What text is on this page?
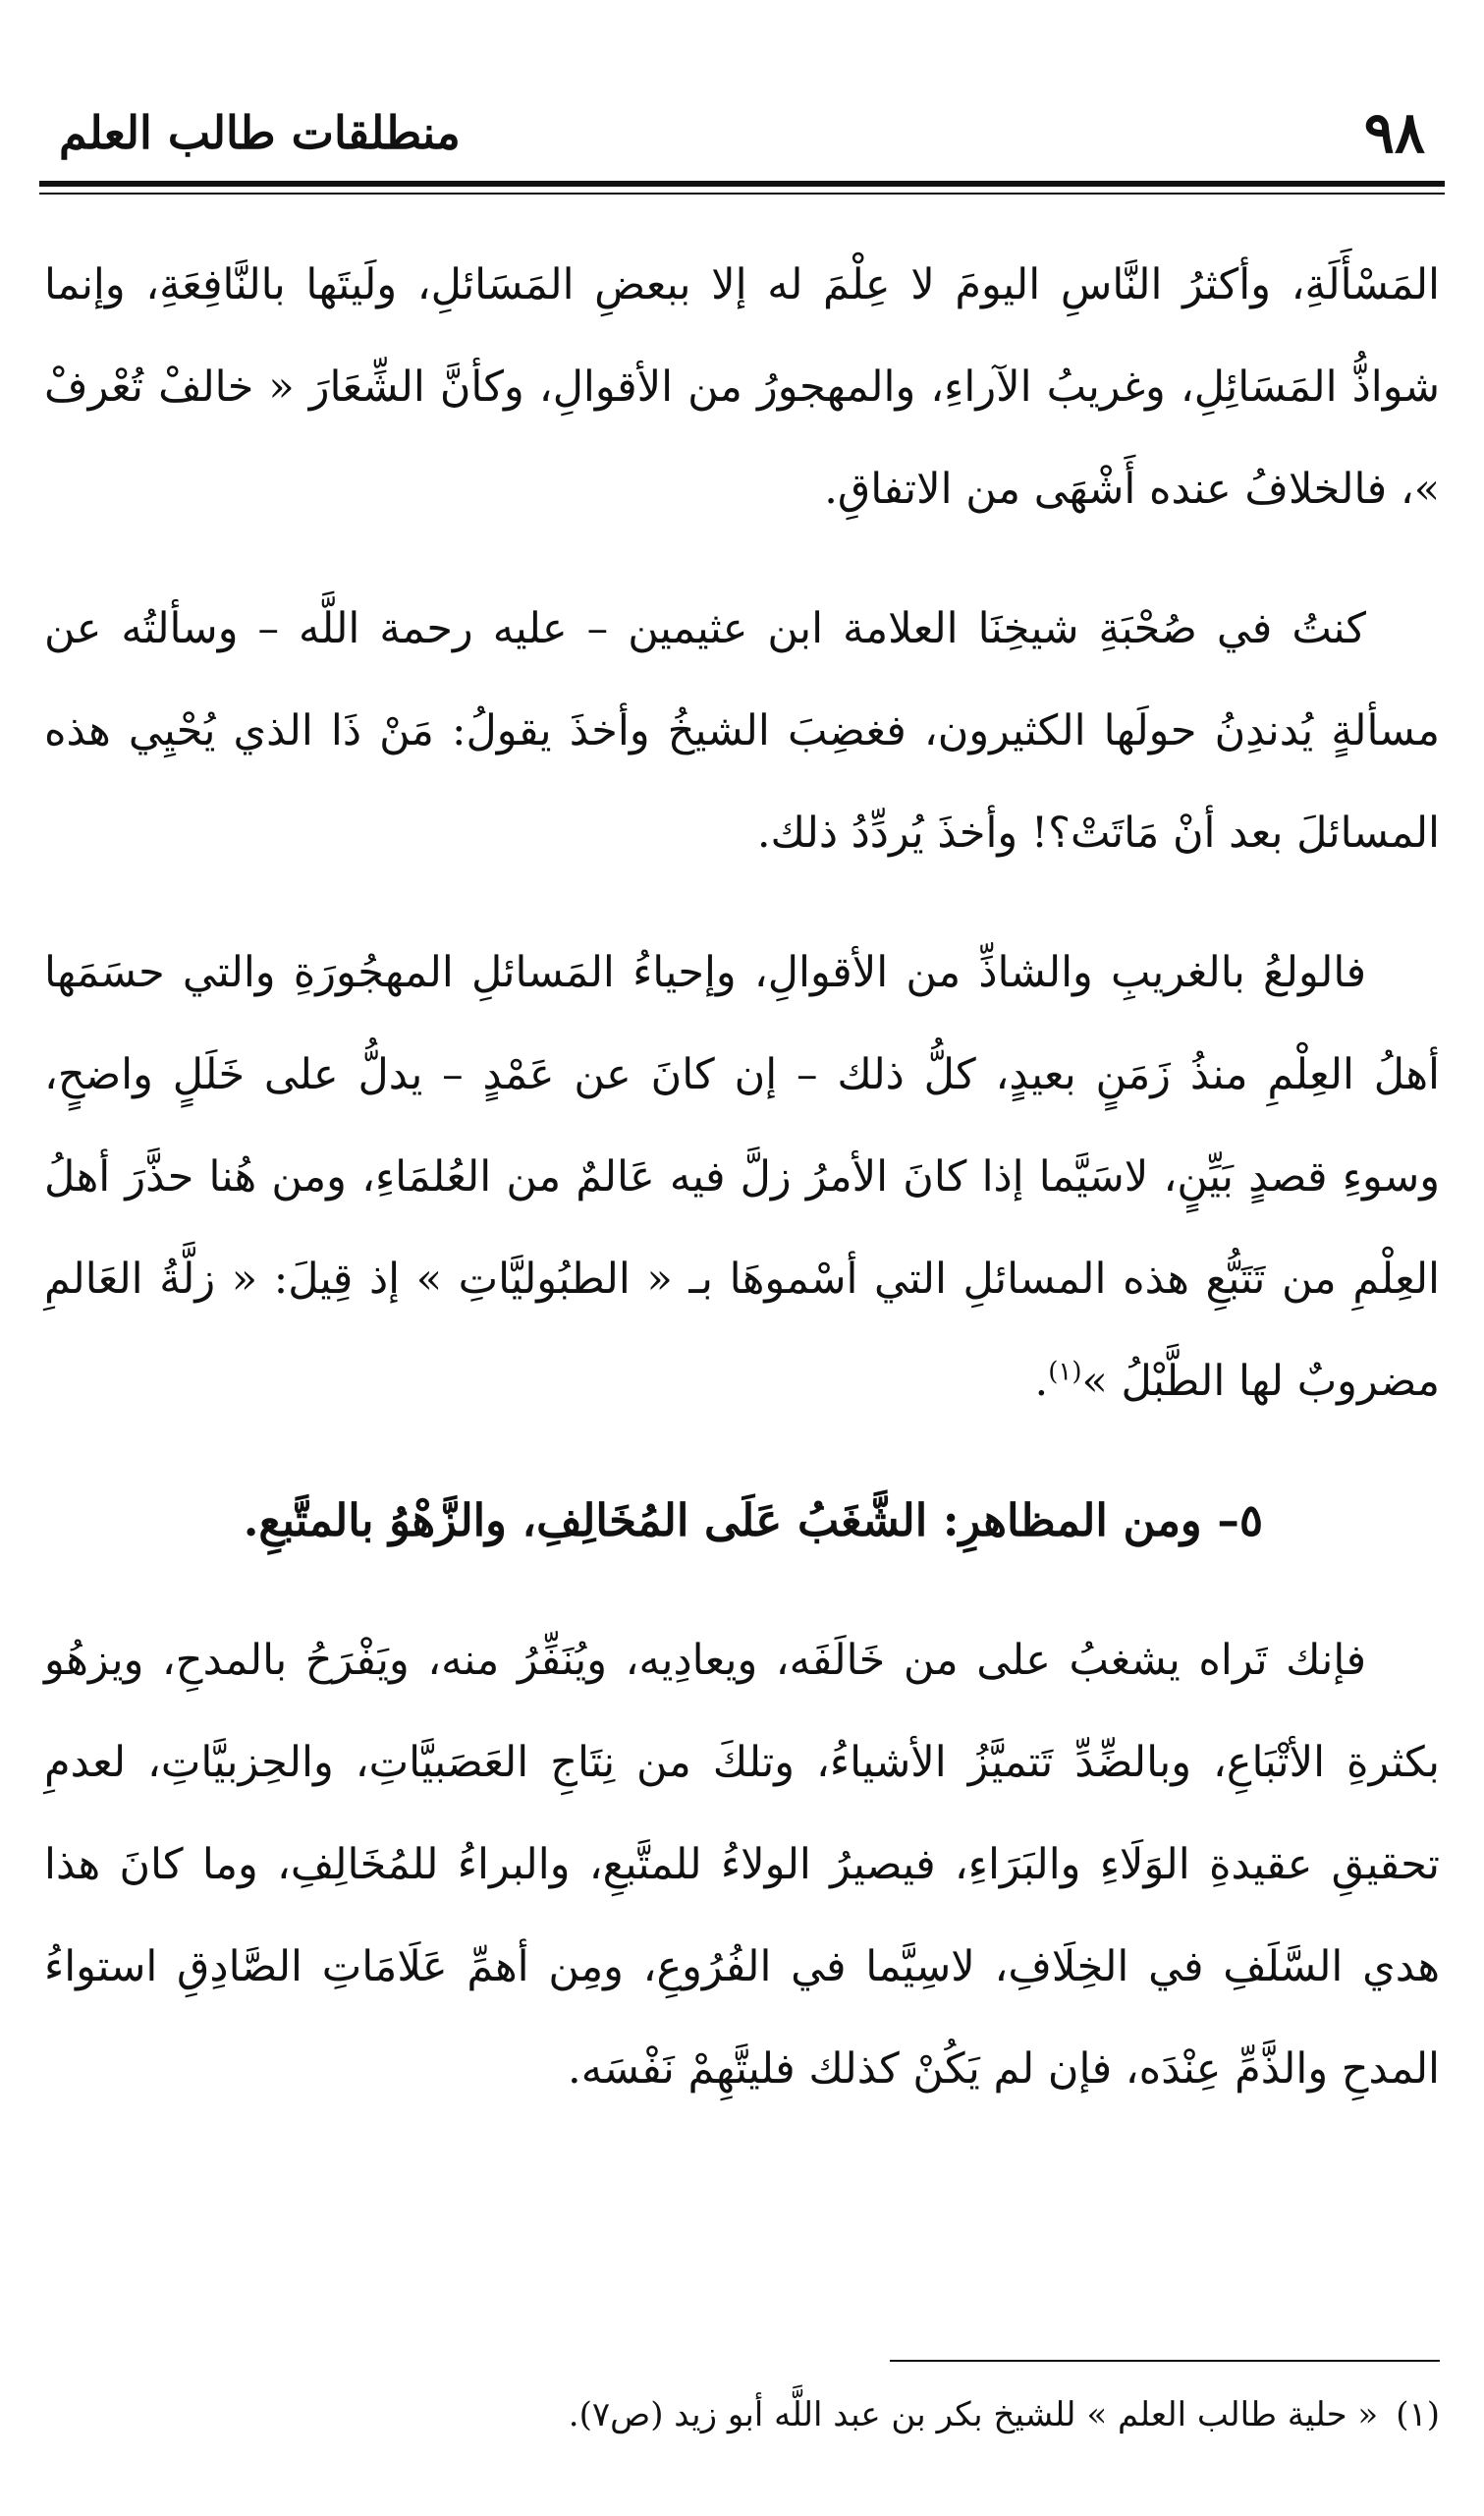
٩٨
منطلقات طالب العلم

المَسْأَلَةِ، وأكثرُ النَّاسِ اليومَ لا عِلْمَ له إلا ببعضِ المَسَائلِ، ولَيتَها بالنَّافِعَةِ، وإنما شواذُّ المَسَائِلِ، وغريبُ الآراءِ، والمهجورُ من الأقوالِ، وكأنَّ الشِّعَارَ « خالفْ تُعْرفْ »، فالخلافُ عنده أَشْهَى من الاتفاقِ.

كنتُ في صُحْبَةِ شيخِنَا العلامة ابن عثيمين – عليه رحمة اللَّه – وسألتُه عن مسألةٍ يُدندِنُ حولَها الكثيرون، فغضِبَ الشيخُ وأخذَ يقولُ: مَنْ ذَا الذي يُحْيِي هذه المسائلَ بعد أنْ مَاتَتْ؟! وأخذَ يُردِّدُ ذلك.

فالولعُ بالغريبِ والشاذِّ من الأقوالِ، وإحياءُ المَسائلِ المهجُورَةِ والتي حسَمَها أهلُ العِلْمِ منذُ زَمَنٍ بعيدٍ، كلُّ ذلك – إن كانَ عن عَمْدٍ – يدلُّ على خَلَلٍ واضحٍ، وسوءِ قصدٍ بَيِّنٍ، لاسَيَّما إذا كانَ الأمرُ زلَّ فيه عَالمٌ من العُلمَاءِ، ومن هُنا حذَّرَ أهلُ العِلْمِ من تَتَبُّعِ هذه المسائلِ التي أسْموهَا بـ « الطبُوليَّاتِ » إذ قِيلَ: « زلَّةُ العَالمِ مضروبٌ لها الطَّبْلُ »$^{(١)}$.

٥– ومن المظاهرِ: الشَّغَبُ عَلَى المُخَالِفِ، والزَّهْوُ بالمتَّبعِ.

فإنك تَراه يشغبُ على من خَالَفَه، ويعادِيه، ويُنَفِّرُ منه، ويَفْرَحُ بالمدحِ، ويزهُو بكثرةِ الأتْبَاعِ، وبالضِّدِّ تَتميَّزُ الأشياءُ، وتلكَ من نِتَاجِ العَصَبيَّاتِ، والحِزبيَّاتِ، لعدمِ تحقيقِ عقيدةِ الوَلَاءِ والبَرَاءِ، فيصيرُ الولاءُ للمتَّبعِ، والبراءُ للمُخَالِفِ، وما كانَ هذا هدي السَّلَفِ في الخِلَافِ، لاسِيَّما في الفُرُوعِ، ومِن أهمِّ عَلَامَاتِ الصَّادِقِ استواءُ المدحِ والذَّمِّ عِنْدَه، فإن لم يَكُنْ كذلك فليتَّهِمْ نَفْسَه.

(١)« حلية طالب العلم » للشيخ بكر بن عبد اللَّه أبو زيد (ص٧).
